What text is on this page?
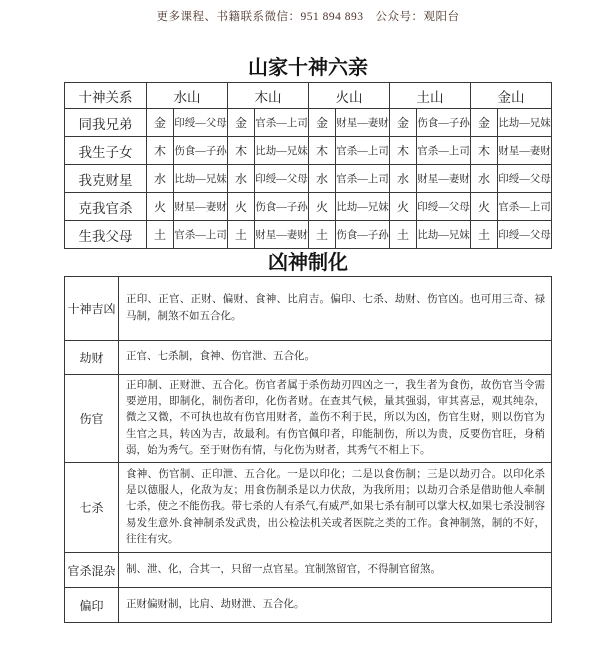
更多课程、书籍联系微信：951 894 893　公众号：观阳台
山家十神六亲
十神关系	水山		木山		火山		土山		金山	
同我兄弟	金	印绶—父母	金	官杀—上司	金	财星—妻财	金	伤食—子孙	金	比劫—兄妹
我生子女	木	伤食—子孙	木	比劫—兄妹	木	官杀—上司	木	官杀—上司	木	财星—妻财
我克财星	水	比劫—兄妹	水	印绶—父母	水	官杀—上司	水	财星—妻财	水	印绶—父母
克我官杀	火	财星—妻财	火	伤食—子孙	火	比劫—兄妹	火	印绶—父母	火	官杀—上司
生我父母	土	官杀—上司	土	财星—妻财	土	伤食—子孙	土	比劫—兄妹	土	印绶—父母
凶神制化
十神吉凶	正印、正官、正财、偏财、食神、比肩吉。偏印、七杀、劫财、伤官凶。也可用三奇、禄马制，制煞不如五合化。
劫财	正官、七杀制，食神、伤官泄、五合化。
伤官	正印制、正财泄、五合化。伤官者属于杀伤劫刃四凶之一，我生者为食伤，故伤官当令需要逆用，即制化，制伤者印，化伤者财。在查其气候，量其强弱，审其喜忌，观其纯杂，微之又微，不可执也故有伤官用财者，盖伤不利于民，所以为凶，伤官生财，则以伤官为生官之具，转凶为吉，故最利。有伤官佩印者，印能制伤，所以为贵，反要伤官旺，身稍弱，始为秀气。至于财伤有情，与化伤为财者，其秀气不相上下。
七杀	食神、伤官制、正印泄、五合化。一是以印化；二是以食伤制；三是以劫刃合。以印化杀是以德服人，化敌为友；用食伤制杀是以力伏敌，为我所用；以劫刃合杀是借助他人牵制七杀，使之不能伤我。带七杀的人有杀气,有威严,如果七杀有制可以掌大权,如果七杀没制容易发生意外.食神制杀发武贵，出公检法机关或者医院之类的工作。食神制煞，制的不好，往往有灾。
官杀混杂	制、泄、化，合其一，只留一点官星。宜制煞留官，不得制官留煞。
偏印	正财偏财制，比肩、劫财泄、五合化。
